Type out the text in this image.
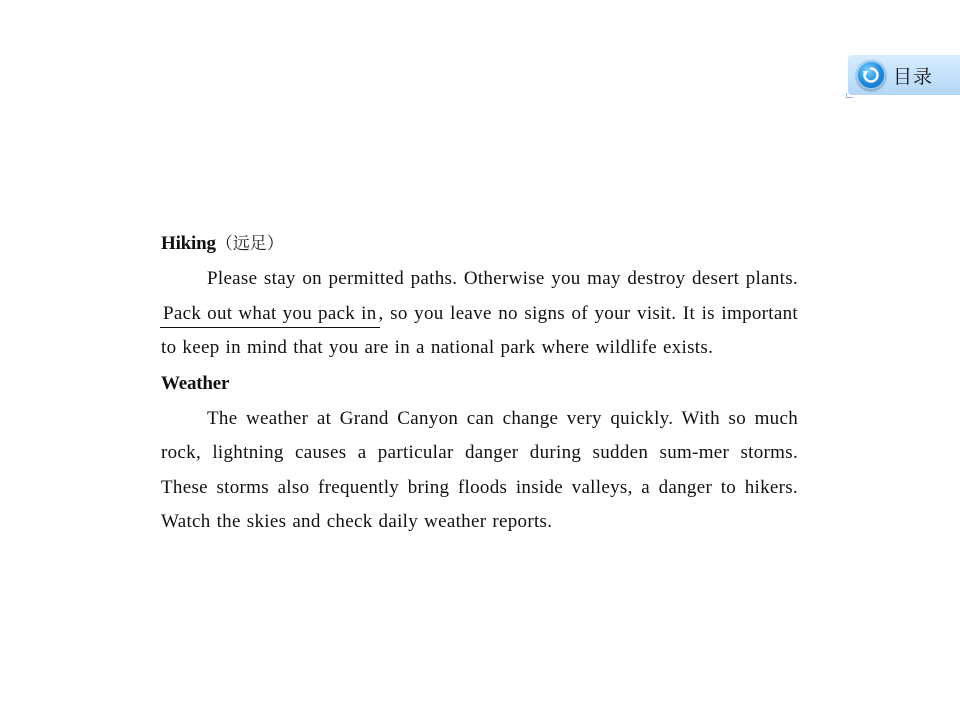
目录
Hiking（远足）

Please stay on permitted paths. Otherwise you may destroy desert plants. Pack out what you pack in , so you leave no signs of your visit. It is important to keep in mind that you are in a national park where wildlife exists.

Weather

The weather at Grand Canyon can change very quickly. With so much rock, lightning causes a particular danger during sudden sum-mer storms. These storms also frequently bring floods inside valleys, a danger to hikers. Watch the skies and check daily weather reports.
